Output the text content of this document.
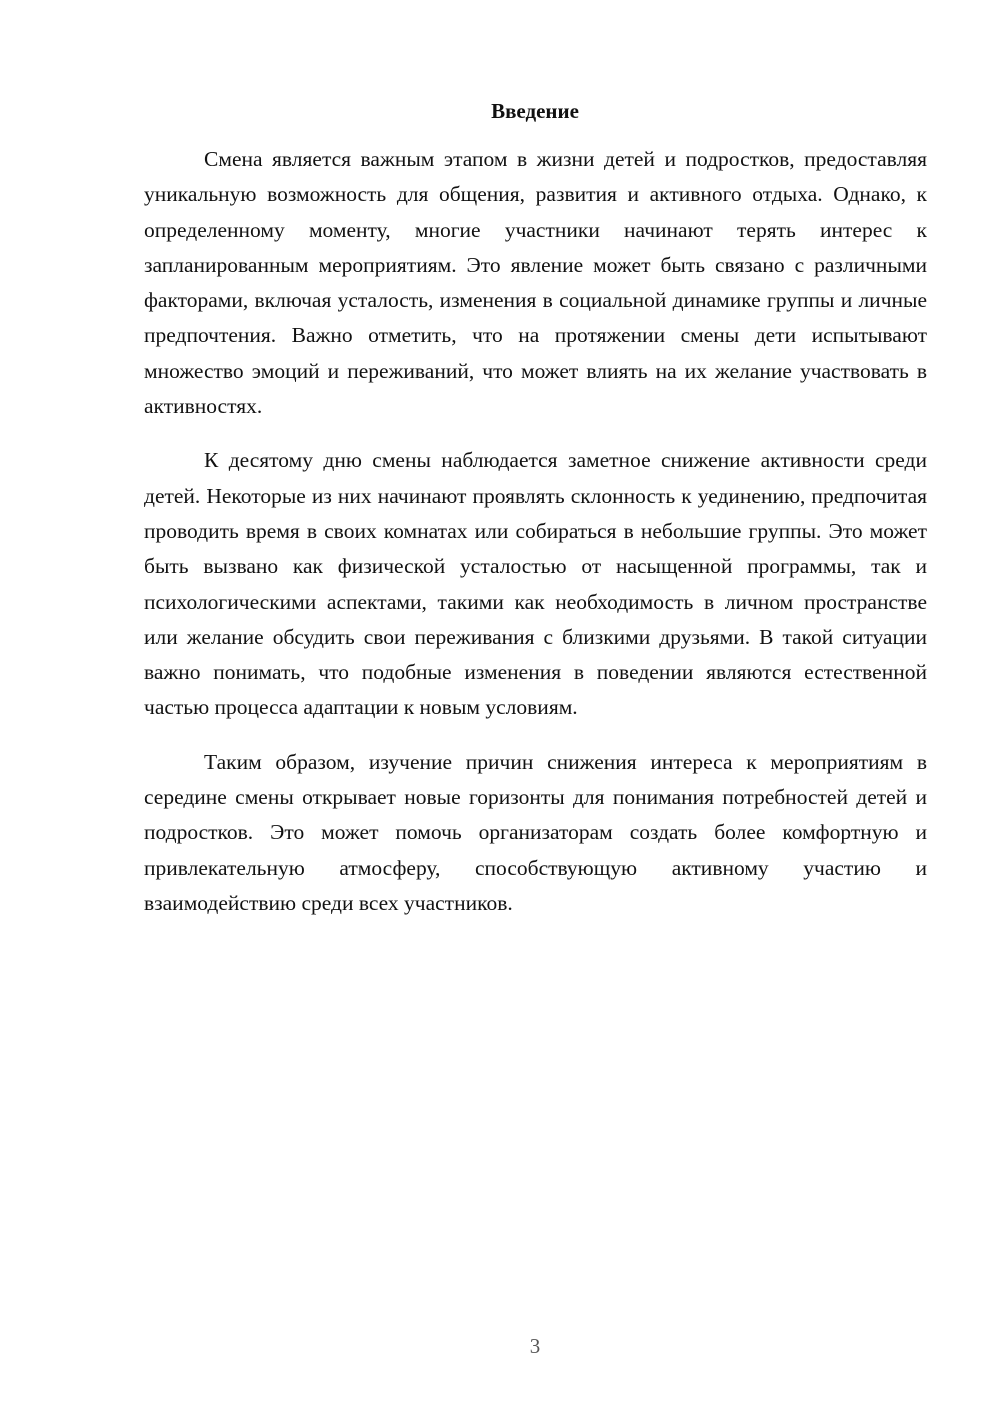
Введение

Смена является важным этапом в жизни детей и подростков, предоставляя уникальную возможность для общения, развития и активного отдыха. Однако, к определенному моменту, многие участники начинают терять интерес к запланированным мероприятиям. Это явление может быть связано с различными факторами, включая усталость, изменения в социальной динамике группы и личные предпочтения. Важно отметить, что на протяжении смены дети испытывают множество эмоций и переживаний, что может влиять на их желание участвовать в активностях.

К десятому дню смены наблюдается заметное снижение активности среди детей. Некоторые из них начинают проявлять склонность к уединению, предпочитая проводить время в своих комнатах или собираться в небольшие группы. Это может быть вызвано как физической усталостью от насыщенной программы, так и психологическими аспектами, такими как необходимость в личном пространстве или желание обсудить свои переживания с близкими друзьями. В такой ситуации важно понимать, что подобные изменения в поведении являются естественной частью процесса адаптации к новым условиям.

Таким образом, изучение причин снижения интереса к мероприятиям в середине смены открывает новые горизонты для понимания потребностей детей и подростков. Это может помочь организаторам создать более комфортную и привлекательную атмосферу, способствующую активному участию и взаимодействию среди всех участников.

3
